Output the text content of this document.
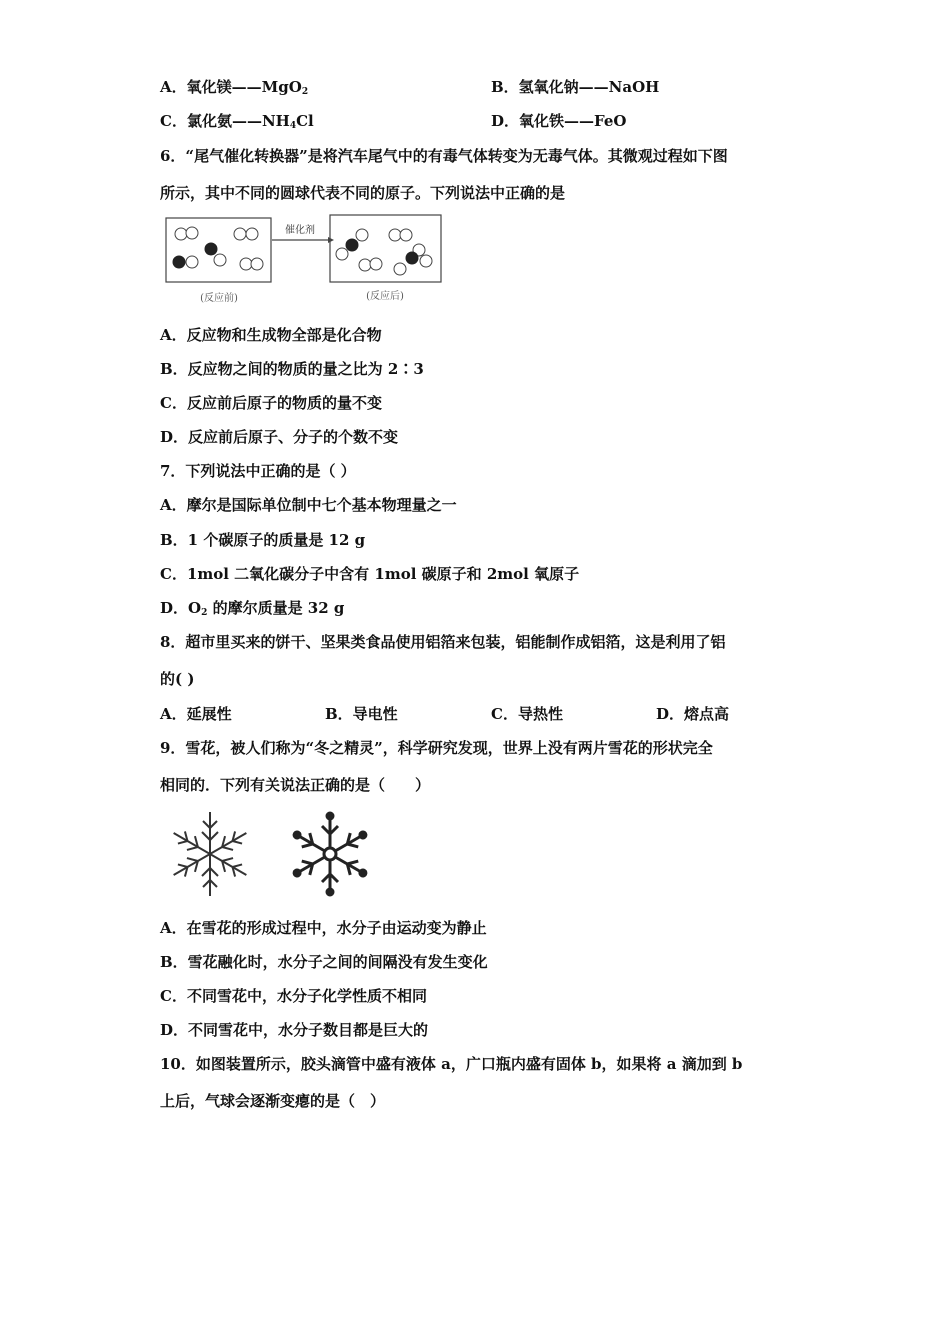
A．氧化镁——MgO$_2$	B．氢氧化钠——NaOH
C．氯化氨$——NH_4Cl$	D．氧化铁——FeO
6．“尾气催化转换器”是将汽车尾气中的有毒气体转变为无毒气体。其微观过程如下图
所示，其中不同的圆球代表不同的原子。下列说法中正确的是
催化剂
(反应前)	(反应后)
A．反应物和生成物全部是化合物
B．反应物之间的物质的量之比为 2∶3
C．反应前后原子的物质的量不变
D．反应前后原子、分子的个数不变
7．下列说法中正确的是（ ）
A．摩尔是国际单位制中七个基本物理量之一
B．1 个碳原子的质量是 12 g
C．1mol 二氧化碳分子中含有 1mol 碳原子和 2mol 氧原子
D．$O_2$ 的摩尔质量是 32 g
8．超市里买来的饼干、坚果类食品使用铝箔来包装，铝能制作成铝箔，这是利用了铝
的( )
A．延展性	B．导电性	C．导热性	D．熔点高
9．雪花，被人们称为“冬之精灵”，科学研究发现，世界上没有两片雪花的形状完全
相同的．下列有关说法正确的是（　　）
A．在雪花的形成过程中，水分子由运动变为静止
B．雪花融化时，水分子之间的间隔没有发生变化
C．不同雪花中，水分子化学性质不相同
D．不同雪花中，水分子数目都是巨大的
10．如图装置所示，胶头滴管中盛有液体 a，广口瓶内盛有固体 b，如果将 a 滴加到 b
上后，气球会逐渐变瘪的是（　）
